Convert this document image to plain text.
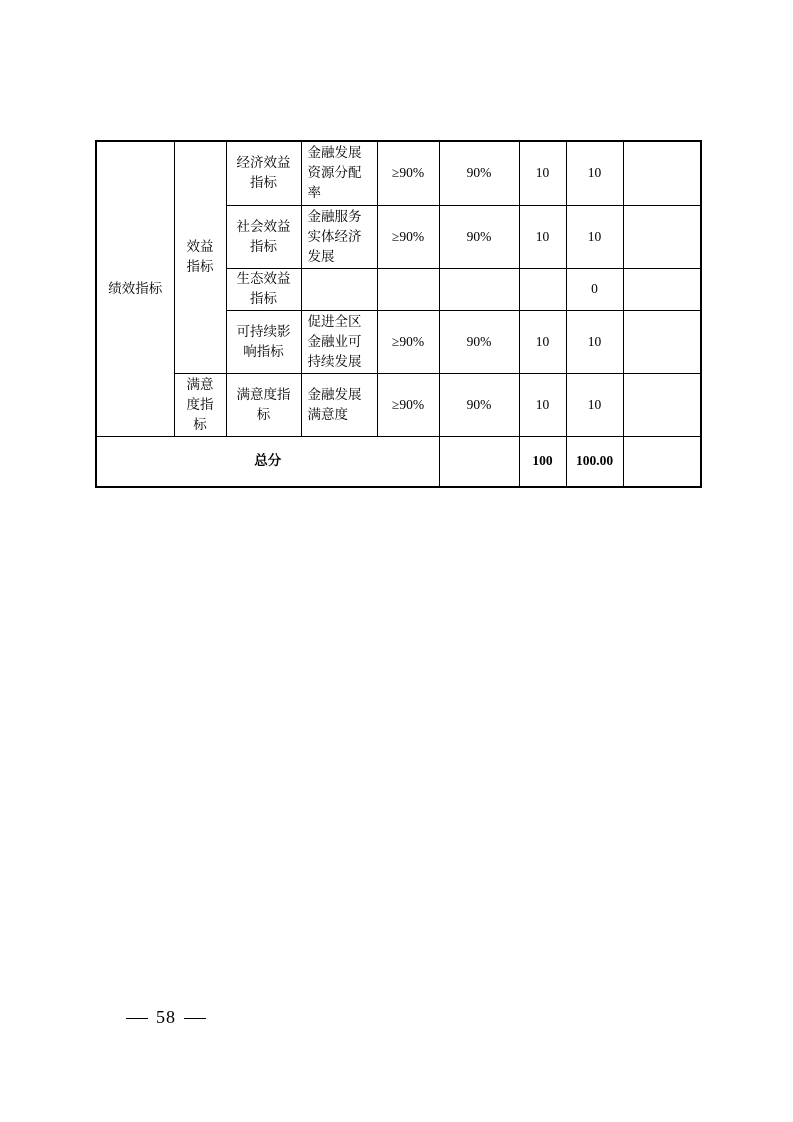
绩效指标	效益指标	经济效益指标	金融发展资源分配率	≥90%	90%	10	10	

		社会效益指标	金融服务实体经济发展	≥90%	90%	10	10	

		生态效益指标					0	

		可持续影响指标	促进全区金融业可持续发展	≥90%	90%	10	10	

	满意度指标	满意度指标	金融发展满意度	≥90%	90%	10	10	
总分						100	100.00	
58
